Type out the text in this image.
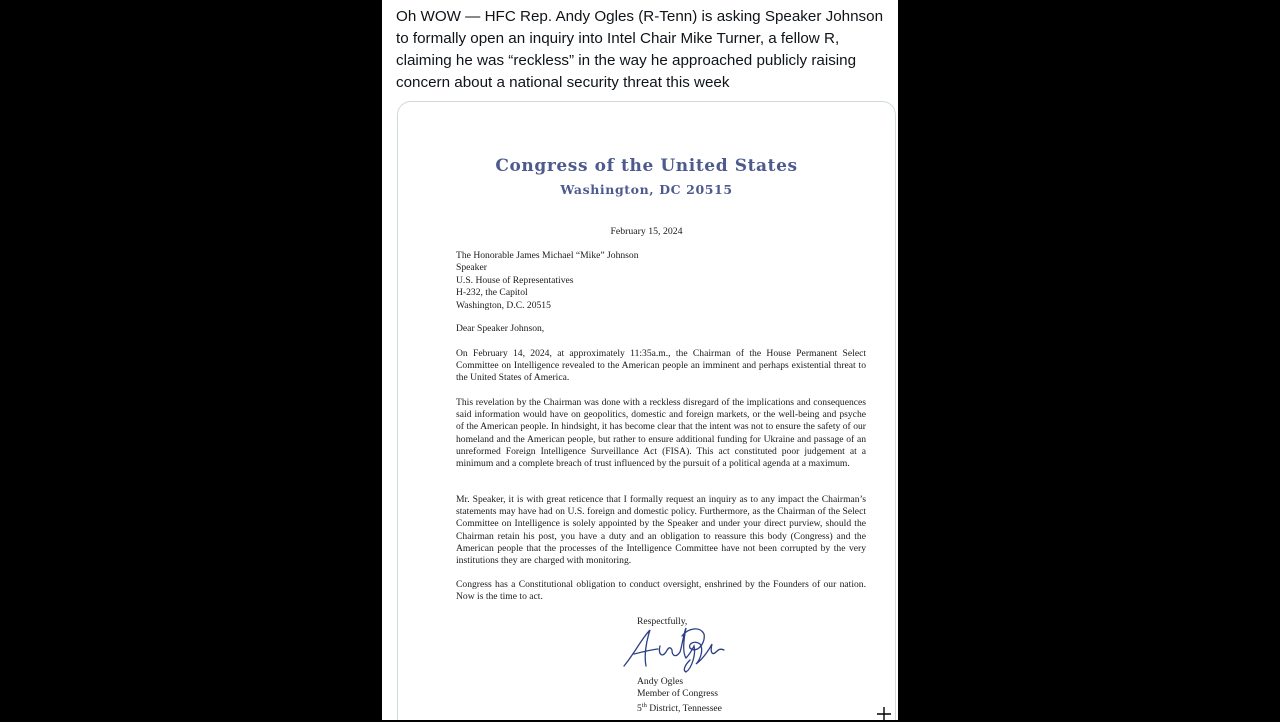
Oh WOW — HFC Rep. Andy Ogles (R-Tenn) is asking Speaker Johnson to formally open an inquiry into Intel Chair Mike Turner, a fellow R, claiming he was “reckless” in the way he approached publicly raising concern about a national security threat this week
Congress of the United States
Washington, DC 20515
February 15, 2024
The Honorable James Michael “Mike” Johnson
Speaker
U.S. House of Representatives
H-232, the Capitol
Washington, D.C. 20515
Dear Speaker Johnson,
On February 14, 2024, at approximately 11:35a.m., the Chairman of the House Permanent Select Committee on Intelligence revealed to the American people an imminent and perhaps existential threat to the United States of America.
This revelation by the Chairman was done with a reckless disregard of the implications and consequences said information would have on geopolitics, domestic and foreign markets, or the well-being and psyche of the American people. In hindsight, it has become clear that the intent was not to ensure the safety of our homeland and the American people, but rather to ensure additional funding for Ukraine and passage of an unreformed Foreign Intelligence Surveillance Act (FISA). This act constituted poor judgement at a minimum and a complete breach of trust influenced by the pursuit of a political agenda at a maximum.
Mr. Speaker, it is with great reticence that I formally request an inquiry as to any impact the Chairman’s statements may have had on U.S. foreign and domestic policy. Furthermore, as the Chairman of the Select Committee on Intelligence is solely appointed by the Speaker and under your direct purview, should the Chairman retain his post, you have a duty and an obligation to reassure this body (Congress) and the American people that the processes of the Intelligence Committee have not been corrupted by the very institutions they are charged with monitoring.
Congress has a Constitutional obligation to conduct oversight, enshrined by the Founders of our nation. Now is the time to act.
Respectfully,
Andy Ogles
Member of Congress
5th District, Tennessee
